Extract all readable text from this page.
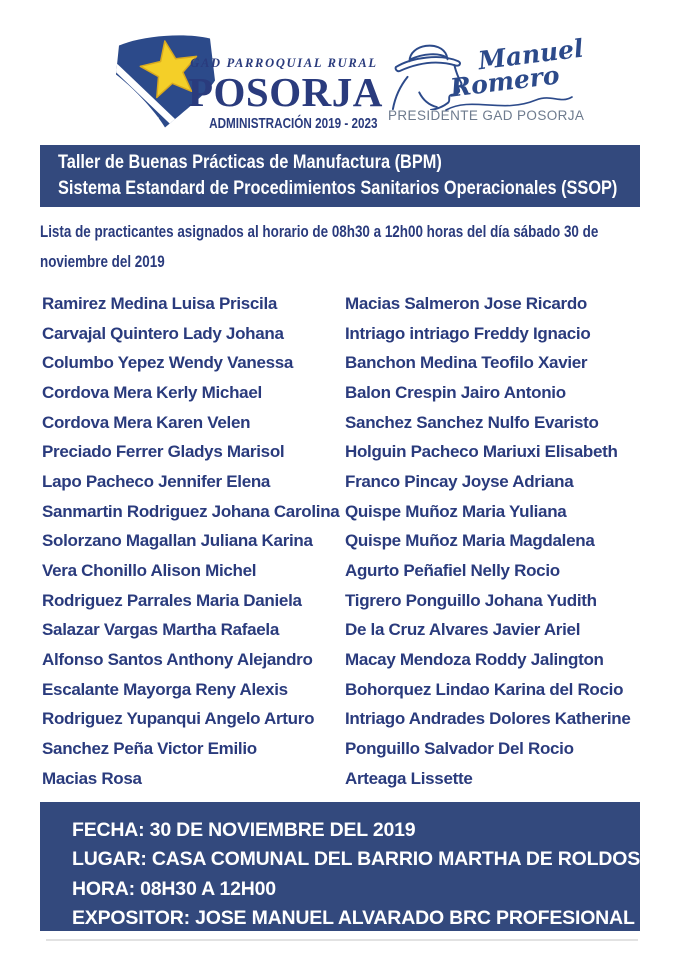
GAD PARROQUIAL RURAL
POSORJA
ADMINISTRACIÓN 2019 - 2023
Manuel
Romero
PRESIDENTE GAD POSORJA
Taller de Buenas Prácticas de Manufactura (BPM)
Sistema Estandard de Procedimientos Sanitarios Operacionales (SSOP)
Lista de practicantes asignados al horario de 08h30 a 12h00 horas del día sábado 30 de
noviembre del 2019
Ramirez Medina Luisa Priscila
Carvajal Quintero Lady Johana
Columbo Yepez Wendy Vanessa
Cordova Mera Kerly Michael
Cordova Mera Karen Velen
Preciado Ferrer Gladys Marisol
Lapo Pacheco Jennifer Elena
Sanmartin Rodriguez Johana Carolina
Solorzano Magallan Juliana Karina
Vera Chonillo Alison Michel
Rodriguez Parrales Maria Daniela
Salazar Vargas Martha Rafaela
Alfonso Santos Anthony Alejandro
Escalante Mayorga Reny Alexis
Rodriguez Yupanqui Angelo Arturo
Sanchez Peña Victor Emilio
Macias Rosa
Macias Salmeron Jose Ricardo
Intriago intriago Freddy Ignacio
Banchon Medina Teofilo Xavier
Balon Crespin Jairo Antonio
Sanchez Sanchez Nulfo Evaristo
Holguin Pacheco Mariuxi Elisabeth
Franco Pincay Joyse Adriana
Quispe Muñoz Maria Yuliana
Quispe Muñoz Maria Magdalena
Agurto Peñafiel Nelly Rocio
Tigrero Ponguillo Johana Yudith
De la Cruz Alvares Javier Ariel
Macay Mendoza Roddy Jalington
Bohorquez Lindao Karina del Rocio
Intriago Andrades Dolores Katherine
Ponguillo Salvador Del Rocio
Arteaga Lissette
FECHA: 30 DE NOVIEMBRE DEL 2019
LUGAR: CASA COMUNAL DEL BARRIO MARTHA DE ROLDOS
HORA: 08H30 A 12H00
EXPOSITOR: JOSE MANUEL ALVARADO BRC PROFESIONAL
